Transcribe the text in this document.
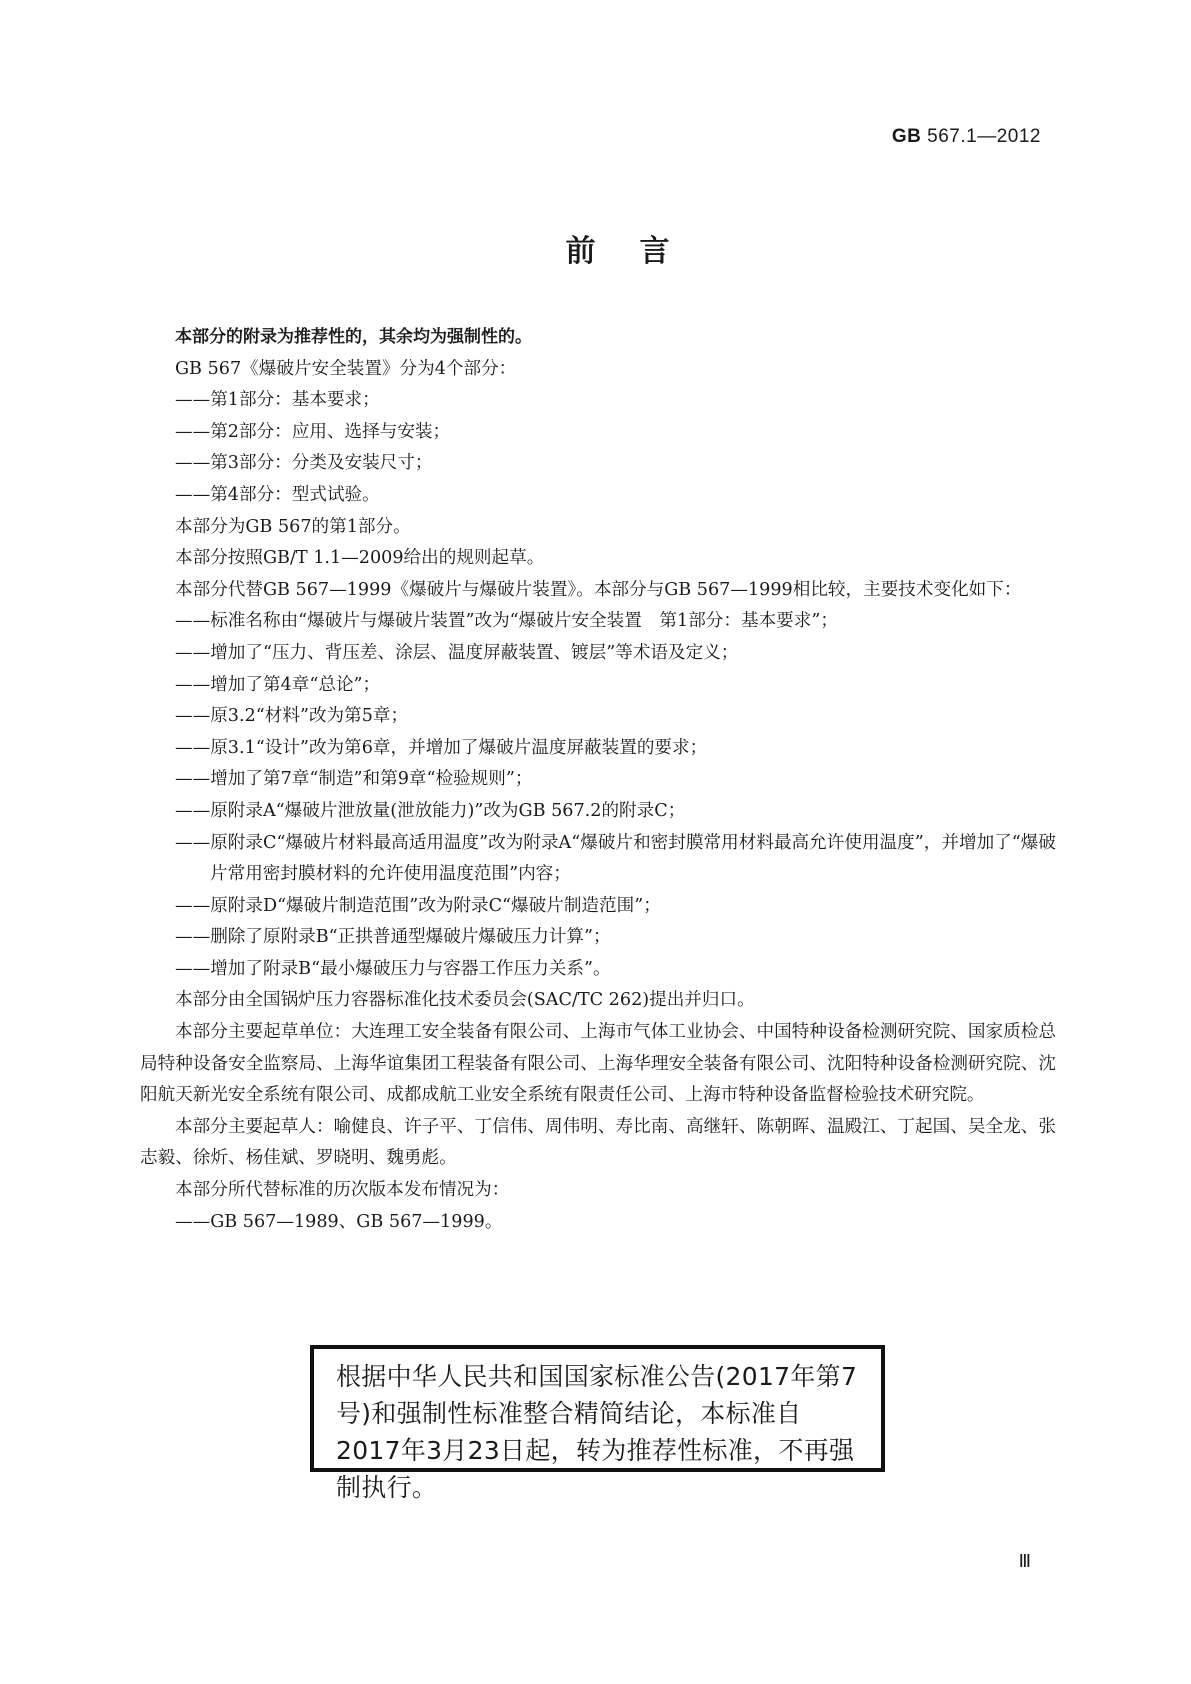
GB 567.1—2012
前言
本部分的附录为推荐性的，其余均为强制性的。
GB 567《爆破片安全装置》分为4个部分：
——第1部分：基本要求；
——第2部分：应用、选择与安装；
——第3部分：分类及安装尺寸；
——第4部分：型式试验。
本部分为GB 567的第1部分。
本部分按照GB/T 1.1—2009给出的规则起草。
本部分代替GB 567—1999《爆破片与爆破片装置》。本部分与GB 567—1999相比较，主要技术变化如下：
——标准名称由“爆破片与爆破片装置”改为“爆破片安全装置　第1部分：基本要求”；
——增加了“压力、背压差、涂层、温度屏蔽装置、镀层”等术语及定义；
——增加了第4章“总论”；
——原3.2“材料”改为第5章；
——原3.1“设计”改为第6章，并增加了爆破片温度屏蔽装置的要求；
——增加了第7章“制造”和第9章“检验规则”；
——原附录A“爆破片泄放量(泄放能力)”改为GB 567.2的附录C；
——原附录C“爆破片材料最高适用温度”改为附录A“爆破片和密封膜常用材料最高允许使用温度”，并增加了“爆破片常用密封膜材料的允许使用温度范围”内容；
——原附录D“爆破片制造范围”改为附录C“爆破片制造范围”；
——删除了原附录B“正拱普通型爆破片爆破压力计算”；
——增加了附录B“最小爆破压力与容器工作压力关系”。
本部分由全国锅炉压力容器标准化技术委员会(SAC/TC 262)提出并归口。
本部分主要起草单位：大连理工安全装备有限公司、上海市气体工业协会、中国特种设备检测研究院、国家质检总局特种设备安全监察局、上海华谊集团工程装备有限公司、上海华理安全装备有限公司、沈阳特种设备检测研究院、沈阳航天新光安全系统有限公司、成都成航工业安全系统有限责任公司、上海市特种设备监督检验技术研究院。
本部分主要起草人：喻健良、许子平、丁信伟、周伟明、寿比南、高继轩、陈朝晖、温殿江、丁起国、吴全龙、张志毅、徐炘、杨佳斌、罗晓明、魏勇彪。
本部分所代替标准的历次版本发布情况为：
——GB 567—1989、GB 567—1999。
根据中华人民共和国国家标准公告(2017年第7号)和强制性标准整合精简结论，本标准自2017年3月23日起，转为推荐性标准，不再强制执行。
Ⅲ
